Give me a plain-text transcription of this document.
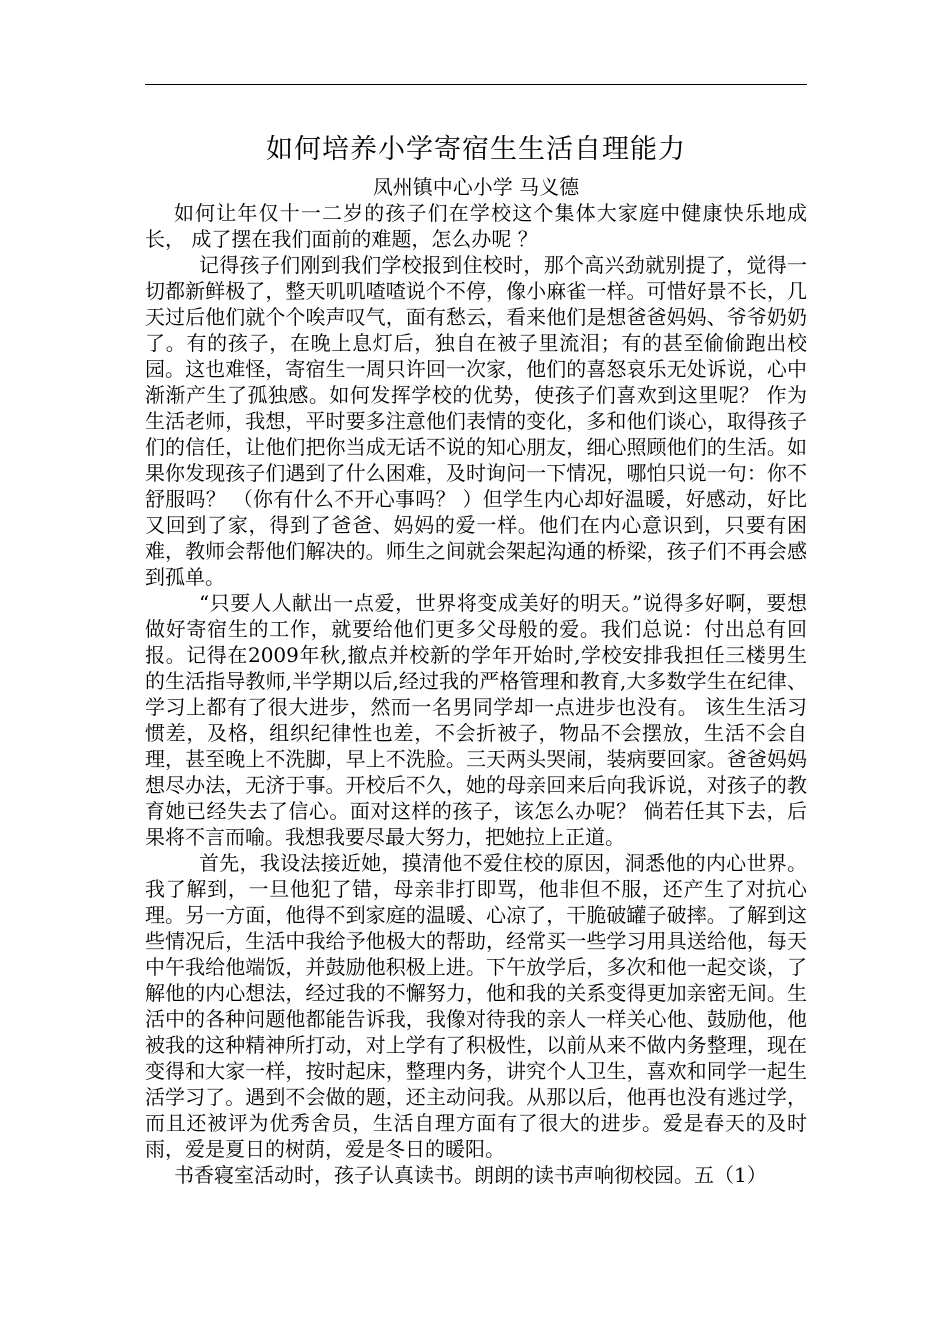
如何培养小学寄宿生生活自理能力

凤州镇中心小学 马义德

如何让年仅十一二岁的孩子们在学校这个集体大家庭中健康快乐地成长， 成了摆在我们面前的难题，怎么办呢 ？

记得孩子们刚到我们学校报到住校时，那个高兴劲就别提了，觉得一切都新鲜极了，整天叽叽喳喳说个不停，像小麻雀一样。可惜好景不长，几天过后他们就个个唉声叹气，面有愁云，看来他们是想爸爸妈妈、爷爷奶奶了。有的孩子，在晚上息灯后，独自在被子里流泪；有的甚至偷偷跑出校园。这也难怪，寄宿生一周只许回一次家，他们的喜怒哀乐无处诉说，心中渐渐产生了孤独感。如何发挥学校的优势，使孩子们喜欢到这里呢？ 作为生活老师，我想，平时要多注意他们表情的变化，多和他们谈心，取得孩子们的信任，让他们把你当成无话不说的知心朋友，细心照顾他们的生活。如果你发现孩子们遇到了什么困难，及时询问一下情况，哪怕只说一句：你不舒服吗？ （你有什么不开心事吗？ ）但学生内心却好温暖，好感动，好比又回到了家，得到了爸爸、妈妈的爱一样。他们在内心意识到，只要有困难，教师会帮他们解决的。师生之间就会架起沟通的桥梁，孩子们不再会感到孤单。

“只要人人献出一点爱，世界将变成美好的明天。”说得多好啊，要想做好寄宿生的工作，就要给他们更多父母般的爱。我们总说：付出总有回报。记得在2009年秋,撤点并校新的学年开始时,学校安排我担任三楼男生的生活指导教师,半学期以后,经过我的严格管理和教育,大多数学生在纪律、学习上都有了很大进步，然而一名男同学却一点进步也没有。 该生生活习惯差，及格，组织纪律性也差，不会折被子，物品不会摆放，生活不会自理，甚至晚上不洗脚，早上不洗脸。三天两头哭闹，装病要回家。爸爸妈妈想尽办法，无济于事。开校后不久，她的母亲回来后向我诉说，对孩子的教育她已经失去了信心。面对这样的孩子，该怎么办呢？ 倘若任其下去，后果将不言而喻。我想我要尽最大努力，把她拉上正道。

首先，我设法接近她，摸清他不爱住校的原因，洞悉他的内心世界。我了解到，一旦他犯了错，母亲非打即骂，他非但不服，还产生了对抗心理。另一方面，他得不到家庭的温暖、心凉了，干脆破罐子破摔。了解到这些情况后，生活中我给予他极大的帮助，经常买一些学习用具送给他，每天中午我给他端饭，并鼓励他积极上进。下午放学后，多次和他一起交谈，了解他的内心想法，经过我的不懈努力，他和我的关系变得更加亲密无间。生活中的各种问题他都能告诉我，我像对待我的亲人一样关心他、鼓励他，他被我的这种精神所打动，对上学有了积极性，以前从来不做内务整理，现在变得和大家一样，按时起床，整理内务，讲究个人卫生，喜欢和同学一起生活学习了。遇到不会做的题，还主动问我。从那以后，他再也没有逃过学，而且还被评为优秀舍员，生活自理方面有了很大的进步。爱是春天的及时雨，爱是夏日的树荫，爱是冬日的暖阳。

书香寝室活动时，孩子认真读书。朗朗的读书声响彻校园。五（1）
